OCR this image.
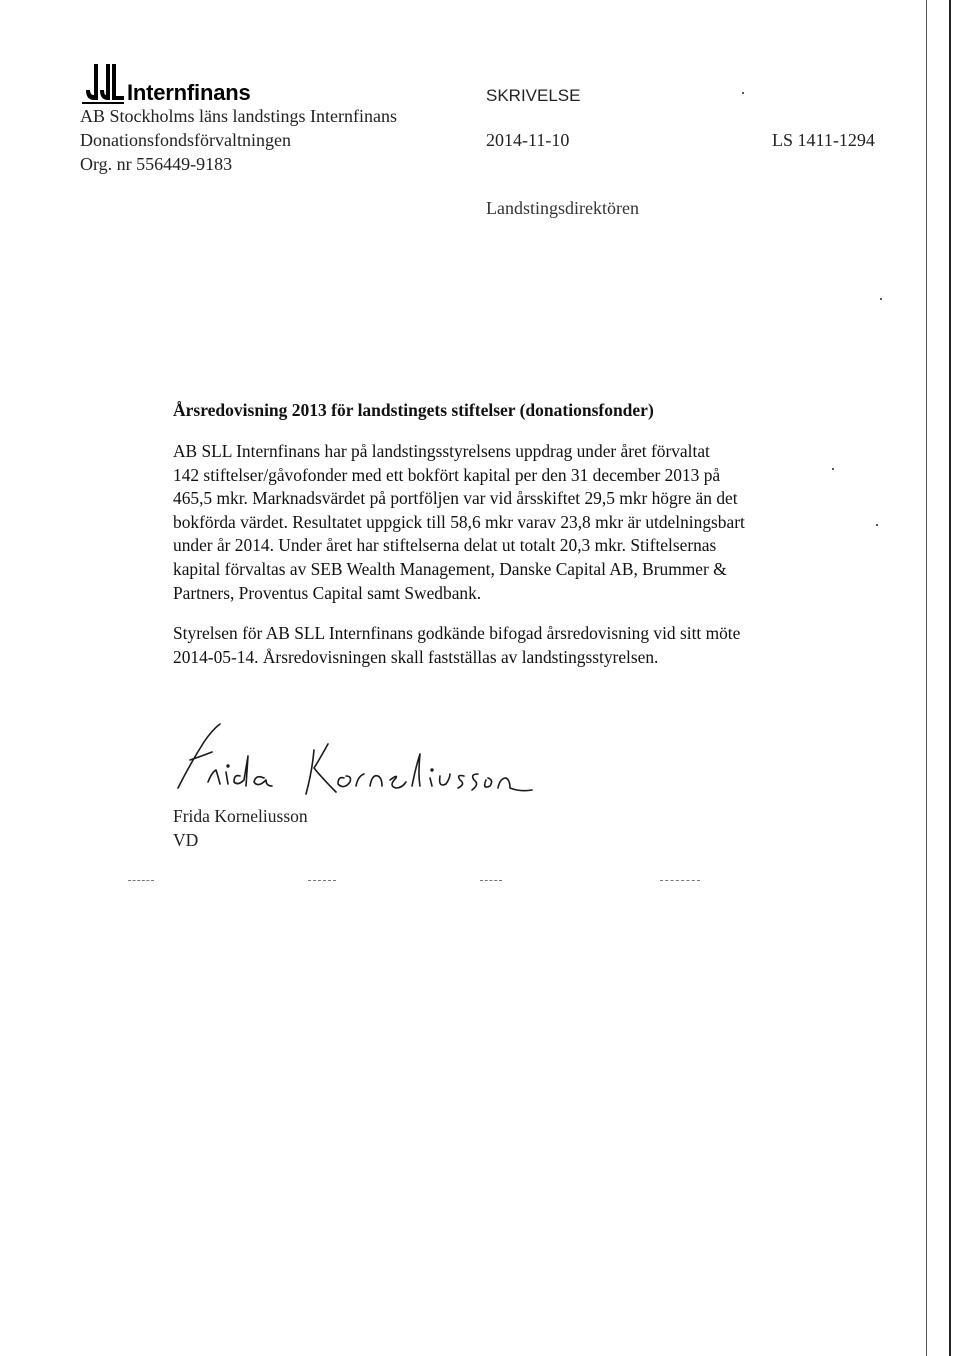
Internfinans
AB Stockholms läns landstings Internfinans
Donationsfondsförvaltningen
Org. nr 556449-9183
SKRIVELSE
2014-11-10	LS 1411-1294
Landstingsdirektören
Årsredovisning 2013 för landstingets stiftelser (donationsfonder)
AB SLL Internfinans har på landstingsstyrelsens uppdrag under året förvaltat
142 stiftelser/gåvofonder med ett bokfört kapital per den 31 december 2013 på
465,5 mkr. Marknadsvärdet på portföljen var vid årsskiftet 29,5 mkr högre än det
bokförda värdet. Resultatet uppgick till 58,6 mkr varav 23,8 mkr är utdelningsbart
under år 2014. Under året har stiftelserna delat ut totalt 20,3 mkr. Stiftelsernas
kapital förvaltas av SEB Wealth Management, Danske Capital AB, Brummer &
Partners, Proventus Capital samt Swedbank.
Styrelsen för AB SLL Internfinans godkände bifogad årsredovisning vid sitt möte
2014-05-14. Årsredovisningen skall fastställas av landstingsstyrelsen.
Frida Korneliusson
VD
